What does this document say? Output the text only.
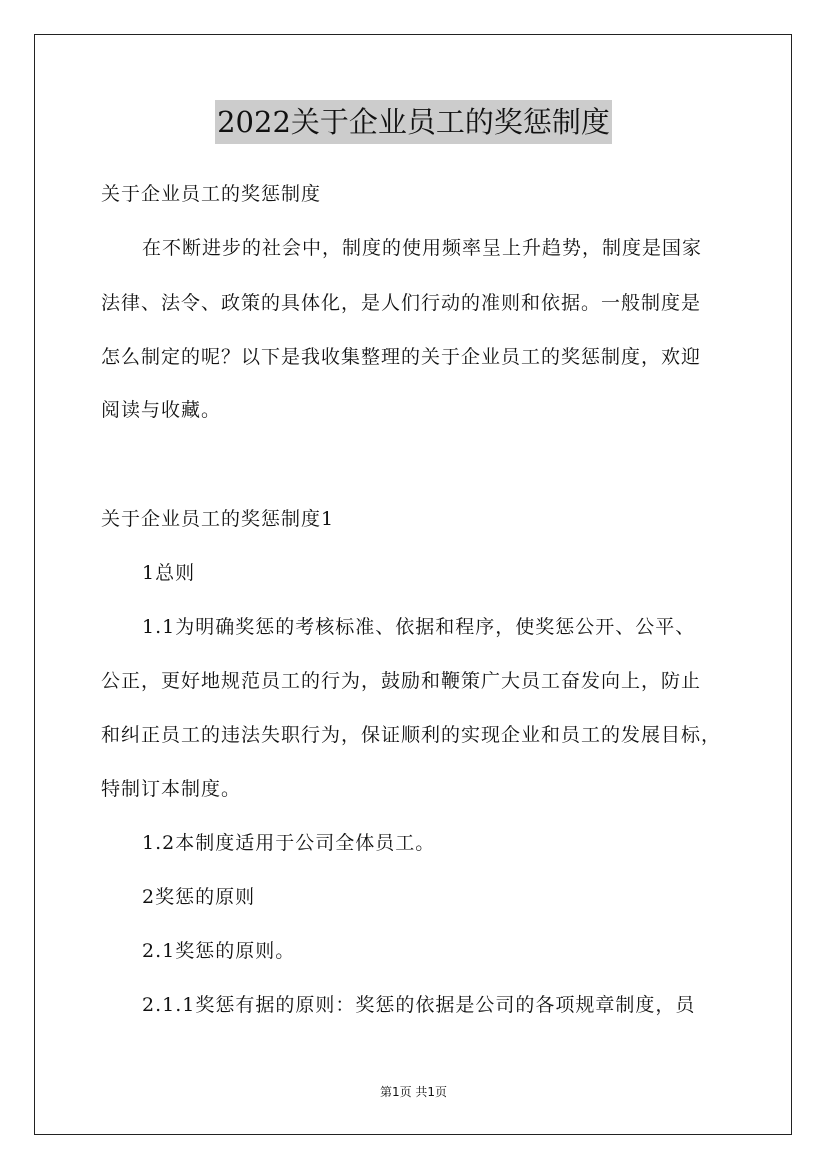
2022关于企业员工的奖惩制度
关于企业员工的奖惩制度
在不断进步的社会中，制度的使用频率呈上升趋势，制度是国家
法律、法令、政策的具体化，是人们行动的准则和依据。一般制度是
怎么制定的呢？以下是我收集整理的关于企业员工的奖惩制度，欢迎
阅读与收藏。
关于企业员工的奖惩制度1
1总则
1.1为明确奖惩的考核标准、依据和程序，使奖惩公开、公平、
公正，更好地规范员工的行为，鼓励和鞭策广大员工奋发向上，防止
和纠正员工的违法失职行为，保证顺利的实现企业和员工的发展目标，
特制订本制度。
1.2本制度适用于公司全体员工。
2奖惩的原则
2.1奖惩的原则。
2.1.1奖惩有据的原则：奖惩的依据是公司的各项规章制度，员
第1页 共1页
